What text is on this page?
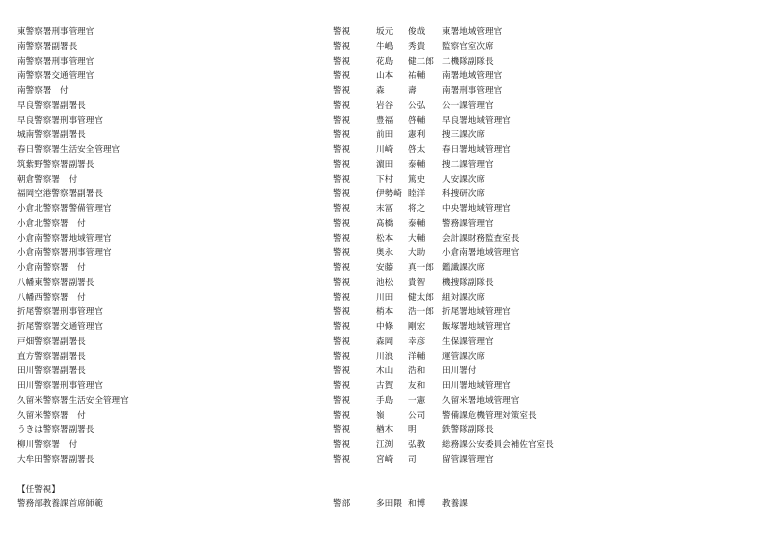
東警察署刑事管理官	警視	坂元 俊哉 東署地域管理官
南警察署副署長	警視	牛嶋 秀貴 監察官室次席
南警察署刑事管理官	警視	花島 健二郎 二機隊副隊長
南警察署交通管理官	警視	山本 祐輔 南署地域管理官
南警察署　付	警視	森	壽	南署刑事管理官
早良警察署副署長	警視	岩谷 公弘 公一課管理官
早良警察署刑事管理官	警視	豊福 啓輔 早良署地域管理官
城南警察署副署長	警視	前田 憲利 捜三課次席
春日警察署生活安全管理官	警視	川崎 啓太 春日署地域管理官
筑紫野警察署副署長	警視	濵田 泰輔 捜二課管理官
朝倉警察署　付	警視	下村 篤史 人安課次席
福岡空港警察署副署長	警視	伊勢崎 睦洋 科捜研次席
小倉北警察署警備管理官	警視	末冨 将之 中央署地域管理官
小倉北警察署　付	警視	髙橋 泰輔 警務課管理官
小倉南警察署地域管理官	警視	松本 大輔 会計課財務監査室長
小倉南警察署刑事管理官	警視	奥永 大助 小倉南署地域管理官
小倉南警察署　付	警視	安藤 真一郎 鑑識課次席
八幡東警察署副署長	警視	池松 貴智 機捜隊副隊長
八幡西警察署　付	警視	川田 健太郎 組対課次席
折尾警察署刑事管理官	警視	梢本 浩一郎 折尾署地域管理官
折尾警察署交通管理官	警視	中條 剛宏 飯塚署地域管理官
戸畑警察署副署長	警視	森岡 幸彦 生保課管理官
直方警察署副署長	警視	川浪 洋輔 運管課次席
田川警察署副署長	警視	木山 浩和 田川署付
田川警察署刑事管理官	警視	古賀 友和 田川署地域管理官
久留米警察署生活安全管理官	警視	手島 一憲 久留米署地域管理官
久留米警察署　付	警視	嶺	公司 警備課危機管理対策室長
うきは警察署副署長	警視	楢木 明	鉄警隊副隊長
柳川警察署　付	警視	江渕 弘教 総務課公安委員会補佐官室長
大牟田警察署副署長	警視	宮崎 司	留管課管理官
【任警視】
警務部教養課首席師範	警部	多田隈 和博 教養課
